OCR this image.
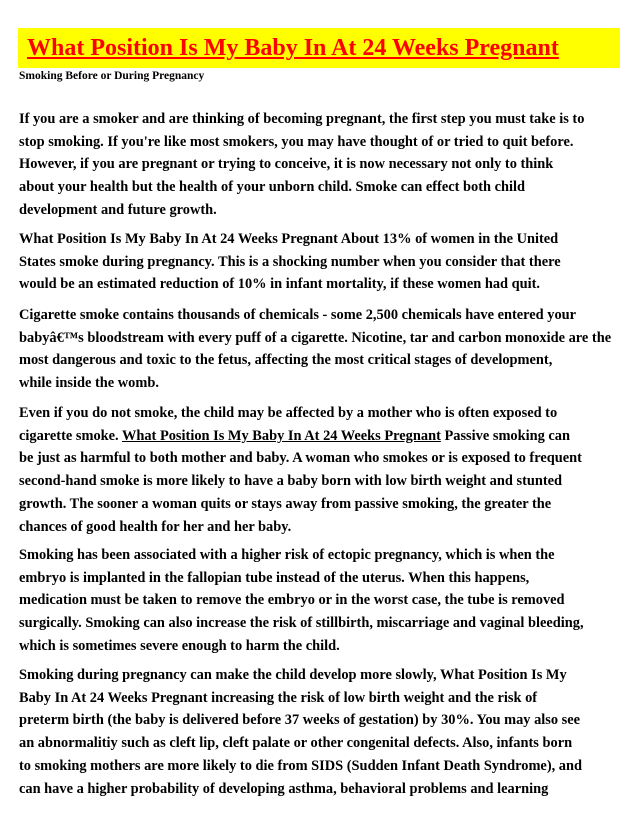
What Position Is My Baby In At 24 Weeks Pregnant
Smoking Before or During Pregnancy
If you are a smoker and are thinking of becoming pregnant, the first step you must take is to
stop smoking. If you're like most smokers, you may have thought of or tried to quit before.
However, if you are pregnant or trying to conceive, it is now necessary not only to think
about your health but the health of your unborn child. Smoke can effect both child
development and future growth.
What Position Is My Baby In At 24 Weeks Pregnant About 13% of women in the United
States smoke during pregnancy. This is a shocking number when you consider that there
would be an estimated reduction of 10% in infant mortality, if these women had quit.
Cigarette smoke contains thousands of chemicals - some 2,500 chemicals have entered your
babyâ€™s bloodstream with every puff of a cigarette. Nicotine, tar and carbon monoxide are the
most dangerous and toxic to the fetus, affecting the most critical stages of development,
while inside the womb.
Even if you do not smoke, the child may be affected by a mother who is often exposed to
cigarette smoke. What Position Is My Baby In At 24 Weeks Pregnant Passive smoking can
be just as harmful to both mother and baby. A woman who smokes or is exposed to frequent
second-hand smoke is more likely to have a baby born with low birth weight and stunted
growth. The sooner a woman quits or stays away from passive smoking, the greater the
chances of good health for her and her baby.
Smoking has been associated with a higher risk of ectopic pregnancy, which is when the
embryo is implanted in the fallopian tube instead of the uterus. When this happens,
medication must be taken to remove the embryo or in the worst case, the tube is removed
surgically. Smoking can also increase the risk of stillbirth, miscarriage and vaginal bleeding,
which is sometimes severe enough to harm the child.
Smoking during pregnancy can make the child develop more slowly, What Position Is My
Baby In At 24 Weeks Pregnant increasing the risk of low birth weight and the risk of
preterm birth (the baby is delivered before 37 weeks of gestation) by 30%. You may also see
an abnormalitiy such as cleft lip, cleft palate or other congenital defects. Also, infants born
to smoking mothers are more likely to die from SIDS (Sudden Infant Death Syndrome), and
can have a higher probability of developing asthma, behavioral problems and learning
